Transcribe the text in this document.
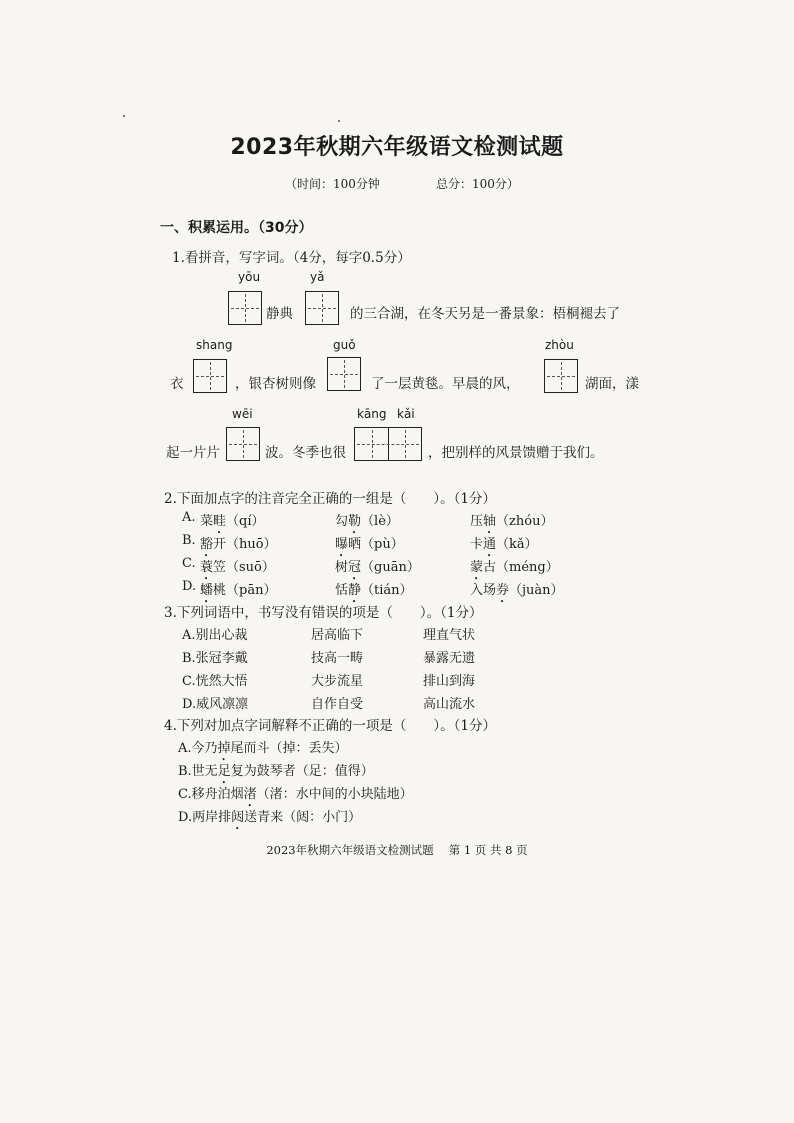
2023年秋期六年级语文检测试题
（时间：100分钟	总分：100分）
一、积累运用。（30分）
1.看拼音，写字词。（4分，每字0.5分）
yōu	yǎ
静典	的三合湖，在冬天另是一番景象：梧桐褪去了
shang	guǒ	zhòu
衣	，银杏树则像	了一层黄毯。早晨的风，	湖面，漾
wēi	kāng kǎi
起一片片	波。冬季也很	，把别样的风景馈赠于我们。
2.下面加点字的注音完全正确的一组是（　　）。（1分）
A. 菜畦（qí）	勾勒（lè）	压轴（zhóu）
B. 豁开（huō）	曝晒（pù）	卡通（kǎ）
C. 蓑笠（suō）	树冠（guān）	蒙古（méng）
D. 蟠桃（pān）	恬静（tián）	入场券（juàn）
3.下列词语中，书写没有错误的项是（　　）。（1分）
A.别出心裁	居高临下	理直气状
B.张冠李戴	技高一畴	暴露无遗
C.恍然大悟	大步流星	排山到海
D.威风凛凛	自作自受	高山流水
4.下列对加点字词解释不正确的一项是（　　）。（1分）
A.今乃掉尾而斗（掉：丢失）
B.世无足复为鼓琴者（足：值得）
C.移舟泊烟渚（渚：水中间的小块陆地）
D.两岸排闼送青来（闼：小门）
2023年秋期六年级语文检测试题　 第 1 页 共 8 页
